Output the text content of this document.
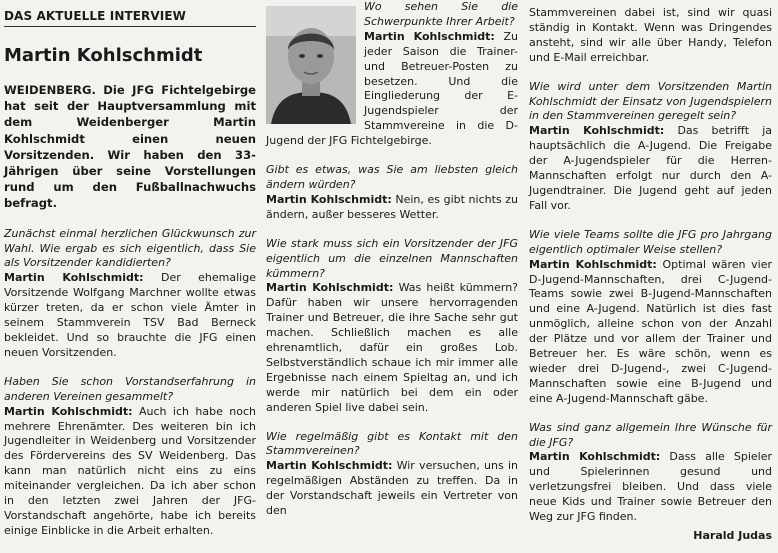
DAS AKTUELLE INTERVIEW
Martin Kohlschmidt

WEIDENBERG. Die JFG Fichtelgebirge hat seit der Hauptversammlung mit dem Weidenberger Martin Kohlschmidt einen neuen Vorsitzenden. Wir haben den 33-Jährigen über seine Vorstellungen rund um den Fußballnachwuchs befragt.

Zunächst einmal herzlichen Glückwunsch zur Wahl. Wie ergab es sich eigentlich, dass Sie als Vorsitzender kandidierten?

Martin Kohlschmidt: Der ehemalige Vorsitzende Wolfgang Marchner wollte etwas kürzer treten, da er schon viele Ämter in seinem Stammverein TSV Bad Berneck bekleidet. Und so brauchte die JFG einen neuen Vorsitzenden.

Haben Sie schon Vorstandserfahrung in anderen Vereinen gesammelt?

Martin Kohlschmidt: Auch ich habe noch mehrere Ehrenämter. Des weiteren bin ich Jugendleiter in Weidenberg und Vorsitzender des Fördervereins des SV Weidenberg. Das kann man natürlich nicht eins zu eins miteinander vergleichen. Da ich aber schon in den letzten zwei Jahren der JFG-Vorstandschaft angehörte, habe ich bereits einige Einblicke in die Arbeit erhalten.

Wo sehen Sie die Schwerpunkte Ihrer Arbeit?

Martin Kohlschmidt: Zu jeder Saison die Trainer- und Betreuer-Posten zu besetzen. Und die Eingliederung der E-Jugendspieler der Stammvereine in die D-Jugend der JFG Fichtelgebirge.

Gibt es etwas, was Sie am liebsten gleich ändern würden?

Martin Kohlschmidt: Nein, es gibt nichts zu ändern, außer besseres Wetter.

Wie stark muss sich ein Vorsitzender der JFG eigentlich um die einzelnen Mannschaften kümmern?

Martin Kohlschmidt: Was heißt kümmern? Dafür haben wir unsere hervorragenden Trainer und Betreuer, die ihre Sache sehr gut machen. Schließlich machen es alle ehrenamtlich, dafür ein großes Lob. Selbstverständlich schaue ich mir immer alle Ergebnisse nach einem Spieltag an, und ich werde mir natürlich bei dem ein oder anderen Spiel live dabei sein.

Wie regelmäßig gibt es Kontakt mit den Stammvereinen?

Martin Kohlschmidt: Wir versuchen, uns in regelmäßigen Abständen zu treffen. Da in der Vorstandschaft jeweils ein Vertreter von den

Stammvereinen dabei ist, sind wir quasi ständig in Kontakt. Wenn was Dringendes ansteht, sind wir alle über Handy, Telefon und E-Mail erreichbar.

Wie wird unter dem Vorsitzenden Martin Kohlschmidt der Einsatz von Jugendspielern in den Stammvereinen geregelt sein?

Martin Kohlschmidt: Das betrifft ja hauptsächlich die A-Jugend. Die Freigabe der A-Jugendspieler für die Herren-Mannschaften erfolgt nur durch den A-Jugendtrainer. Die Jugend geht auf jeden Fall vor.

Wie viele Teams sollte die JFG pro Jahrgang eigentlich optimaler Weise stellen?

Martin Kohlschmidt: Optimal wären vier D-Jugend-Mannschaften, drei C-Jugend-Teams sowie zwei B-Jugend-Mannschaften und eine A-Jugend. Natürlich ist dies fast unmöglich, alleine schon von der Anzahl der Plätze und vor allem der Trainer und Betreuer her. Es wäre schön, wenn es wieder drei D-Jugend-, zwei C-Jugend-Mannschaften sowie eine B-Jugend und eine A-Jugend-Mannschaft gäbe.

Was sind ganz allgemein Ihre Wünsche für die JFG?

Martin Kohlschmidt: Dass alle Spieler und Spielerinnen gesund und verletzungsfrei bleiben. Und dass viele neue Kids und Trainer sowie Betreuer den Weg zur JFG finden.

Harald Judas
